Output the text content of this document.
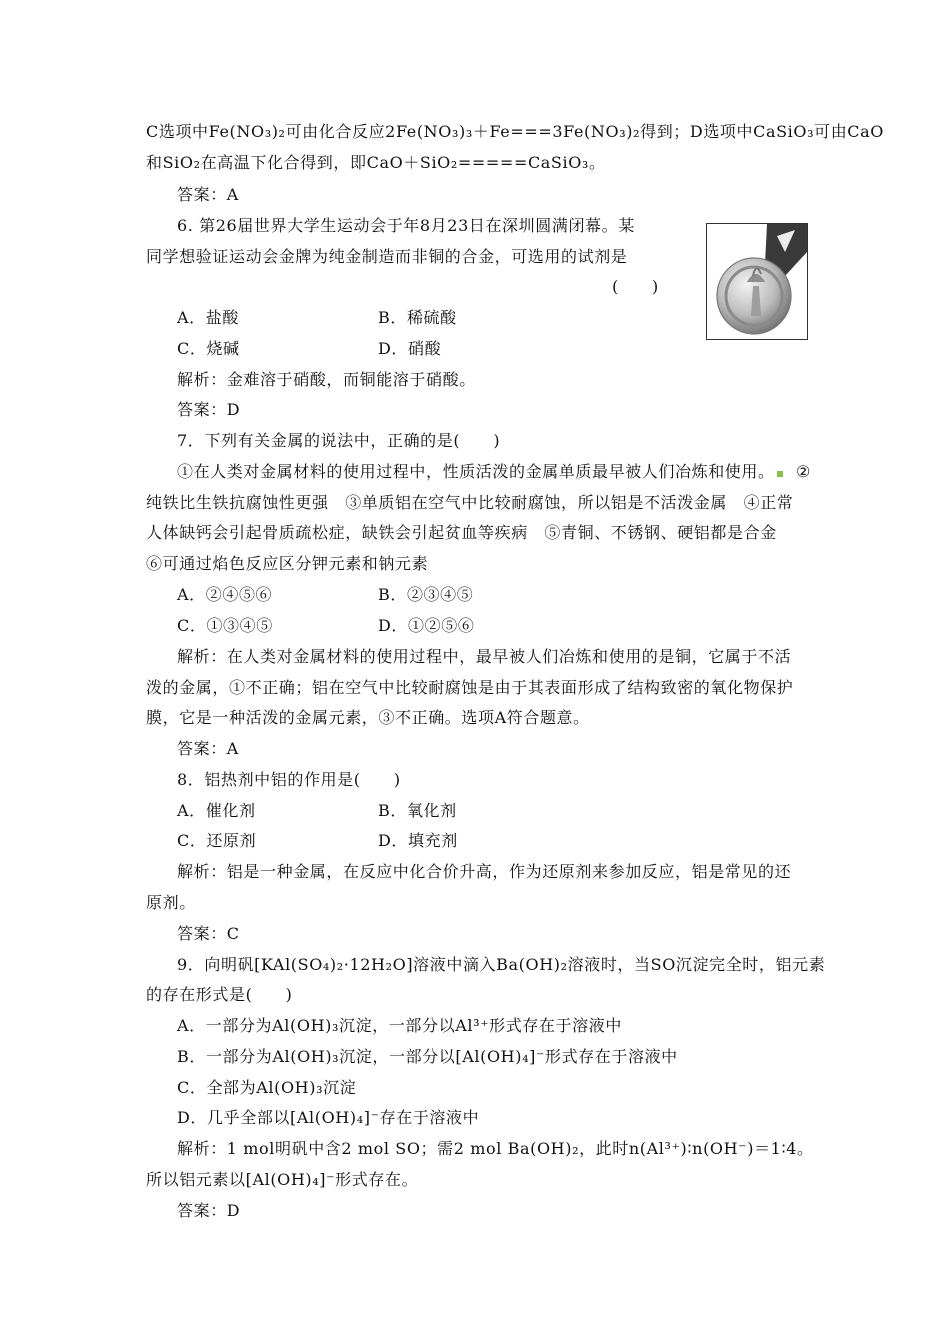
C选项中Fe(NO₃)₂可由化合反应2Fe(NO₃)₃＋Fe===3Fe(NO₃)₂得到；D选项中CaSiO₃可由CaO
和SiO₂在高温下化合得到，即CaO＋SiO₂=====CaSiO₃。
答案：A
6. 第26届世界大学生运动会于年8月23日在深圳圆满闭幕。某
同学想验证运动会金牌为纯金制造而非铜的合金，可选用的试剂是
(　　)
A．盐酸	B．稀硫酸
C．烧碱	D．硝酸
解析：金难溶于硝酸，而铜能溶于硝酸。
答案：D
7．下列有关金属的说法中，正确的是(　　)
①在人类对金属材料的使用过程中，性质活泼的金属单质最早被人们冶炼和使用。 ②
纯铁比生铁抗腐蚀性更强　③单质铝在空气中比较耐腐蚀，所以铝是不活泼金属　④正常
人体缺钙会引起骨质疏松症，缺铁会引起贫血等疾病　⑤青铜、不锈钢、硬铝都是合金
⑥可通过焰色反应区分钾元素和钠元素
A．②④⑤⑥	B．②③④⑤
C．①③④⑤	D．①②⑤⑥
解析：在人类对金属材料的使用过程中，最早被人们冶炼和使用的是铜，它属于不活
泼的金属，①不正确；铝在空气中比较耐腐蚀是由于其表面形成了结构致密的氧化物保护
膜，它是一种活泼的金属元素，③不正确。选项A符合题意。
答案：A
8．铝热剂中铝的作用是(　　)
A．催化剂	B．氧化剂
C．还原剂	D．填充剂
解析：铝是一种金属，在反应中化合价升高，作为还原剂来参加反应，铝是常见的还
原剂。
答案：C
9．向明矾[KAl(SO₄)₂·12H₂O]溶液中滴入Ba(OH)₂溶液时，当SO沉淀完全时，铝元素
的存在形式是(　　)
A．一部分为Al(OH)₃沉淀，一部分以Al³⁺形式存在于溶液中
B．一部分为Al(OH)₃沉淀，一部分以[Al(OH)₄]⁻形式存在于溶液中
C．全部为Al(OH)₃沉淀
D．几乎全部以[Al(OH)₄]⁻存在于溶液中
解析：1 mol明矾中含2 mol SO；需2 mol Ba(OH)₂，此时n(Al³⁺)∶n(OH⁻)＝1∶4。
所以铝元素以[Al(OH)₄]⁻形式存在。
答案：D
